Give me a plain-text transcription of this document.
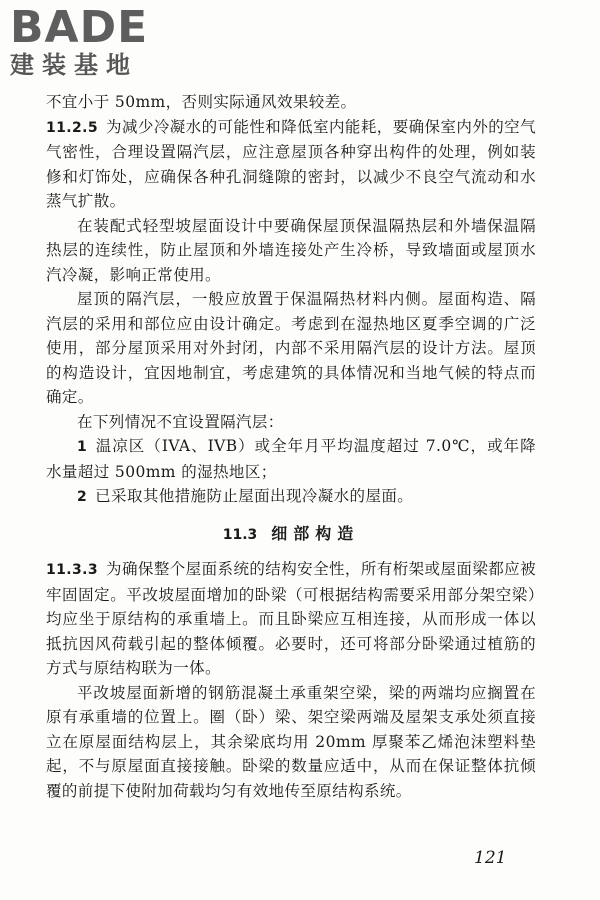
BADE
建装基地

不宜小于 50mm，否则实际通风效果较差。

11.2.5 为减少冷凝水的可能性和降低室内能耗，要确保室内外的空气气密性，合理设置隔汽层，应注意屋顶各种穿出构件的处理，例如装修和灯饰处，应确保各种孔洞缝隙的密封，以减少不良空气流动和水蒸气扩散。

在装配式轻型坡屋面设计中要确保屋顶保温隔热层和外墙保温隔热层的连续性，防止屋顶和外墙连接处产生冷桥，导致墙面或屋顶水汽冷凝，影响正常使用。

屋顶的隔汽层，一般应放置于保温隔热材料内侧。屋面构造、隔汽层的采用和部位应由设计确定。考虑到在湿热地区夏季空调的广泛使用，部分屋顶采用对外封闭，内部不采用隔汽层的设计方法。屋顶的构造设计，宜因地制宜，考虑建筑的具体情况和当地气候的特点而确定。

在下列情况不宜设置隔汽层：

1 温凉区（IVA、IVB）或全年月平均温度超过 7.0℃，或年降水量超过 500mm 的湿热地区；

2 已采取其他措施防止屋面出现冷凝水的屋面。

11.3 细部构造

11.3.3 为确保整个屋面系统的结构安全性，所有桁架或屋面梁都应被牢固固定。平改坡屋面增加的卧梁（可根据结构需要采用部分架空梁）均应坐于原结构的承重墙上。而且卧梁应互相连接，从而形成一体以抵抗因风荷载引起的整体倾覆。必要时，还可将部分卧梁通过植筋的方式与原结构联为一体。

平改坡屋面新增的钢筋混凝土承重架空梁，梁的两端均应搁置在原有承重墙的位置上。圈（卧）梁、架空梁两端及屋架支承处须直接立在原屋面结构层上，其余梁底均用 20mm 厚聚苯乙烯泡沫塑料垫起，不与原屋面直接接触。卧梁的数量应适中，从而在保证整体抗倾覆的前提下使附加荷载均匀有效地传至原结构系统。

121
